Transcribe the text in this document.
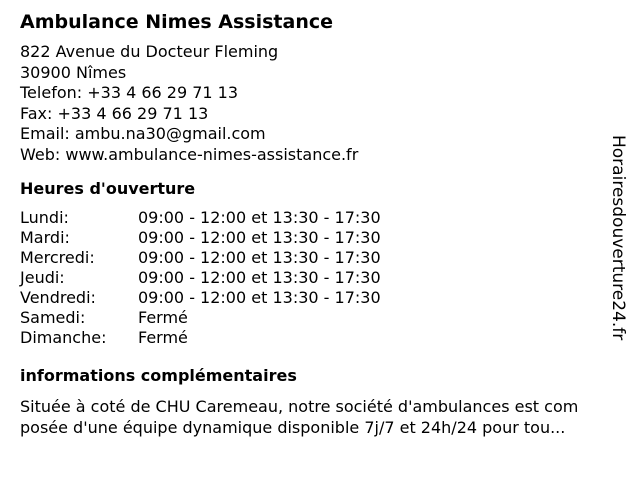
Ambulance Nimes Assistance
822 Avenue du Docteur Fleming
30900 Nîmes
Telefon: +33 4 66 29 71 13
Fax: +33 4 66 29 71 13
Email: ambu.na30@gmail.com
Web: www.ambulance-nimes-assistance.fr
Heures d'ouverture
Lundi:	09:00 - 12:00 et 13:30 - 17:30
Mardi:	09:00 - 12:00 et 13:30 - 17:30
Mercredi:	09:00 - 12:00 et 13:30 - 17:30
Jeudi:	09:00 - 12:00 et 13:30 - 17:30
Vendredi:	09:00 - 12:00 et 13:30 - 17:30
Samedi:	Fermé
Dimanche:	Fermé
informations complémentaires
Située à coté de CHU Caremeau, notre société d'ambulances est com
posée d'une équipe dynamique disponible 7j/7 et 24h/24 pour tou...
Horairesdouverture24.fr
